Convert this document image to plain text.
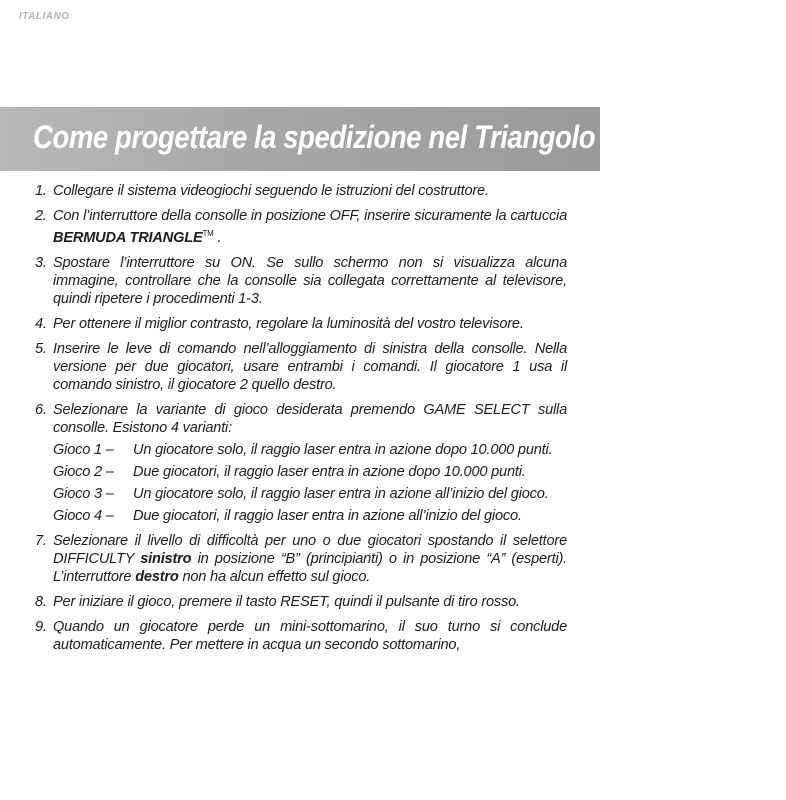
ITALIANO
Come progettare la spedizione nel Triangolo delle Bermuda
1. Collegare il sistema videogiochi seguendo le istruzioni del costruttore.
2. Con l’interruttore della consolle in posizione OFF, inserire sicuramente la cartuccia BERMUDA TRIANGLE™ .
3. Spostare l’interruttore su ON. Se sullo schermo non si visualizza alcuna immagine, controllare che la consolle sia collegata correttamente al televisore, quindi ripetere i procedimenti 1-3.
4. Per ottenere il miglior contrasto, regolare la luminosità del vostro televisore.
5. Inserire le leve di comando nell’alloggiamento di sinistra della consolle. Nella versione per due giocatori, usare entrambi i comandi. Il giocatore 1 usa il comando sinistro, il giocatore 2 quello destro.
6. Selezionare la variante di gioco desiderata premendo GAME SELECT sulla consolle. Esistono 4 varianti:
Gioco 1 –	Un giocatore solo, il raggio laser entra in azione dopo 10.000 punti.
Gioco 2 –	Due giocatori, il raggio laser entra in azione dopo 10.000 punti.
Gioco 3 –	Un giocatore solo, il raggio laser entra in azione all’inizio del gioco.
Gioco 4 –	Due giocatori, il raggio laser entra in azione all’inizio del gioco.
7. Selezionare il livello di difficoltà per uno o due giocatori spostando il selettore DIFFICULTY sinistro in posizione “B” (principianti) o in posizione “A” (esperti). L’interruttore destro non ha alcun effetto sul gioco.
8. Per iniziare il gioco, premere il tasto RESET, quindi il pulsante di tiro rosso.
9. Quando un giocatore perde un mini-sottomarino, il suo turno si conclude automaticamente. Per mettere in acqua un secondo sottomarino,
